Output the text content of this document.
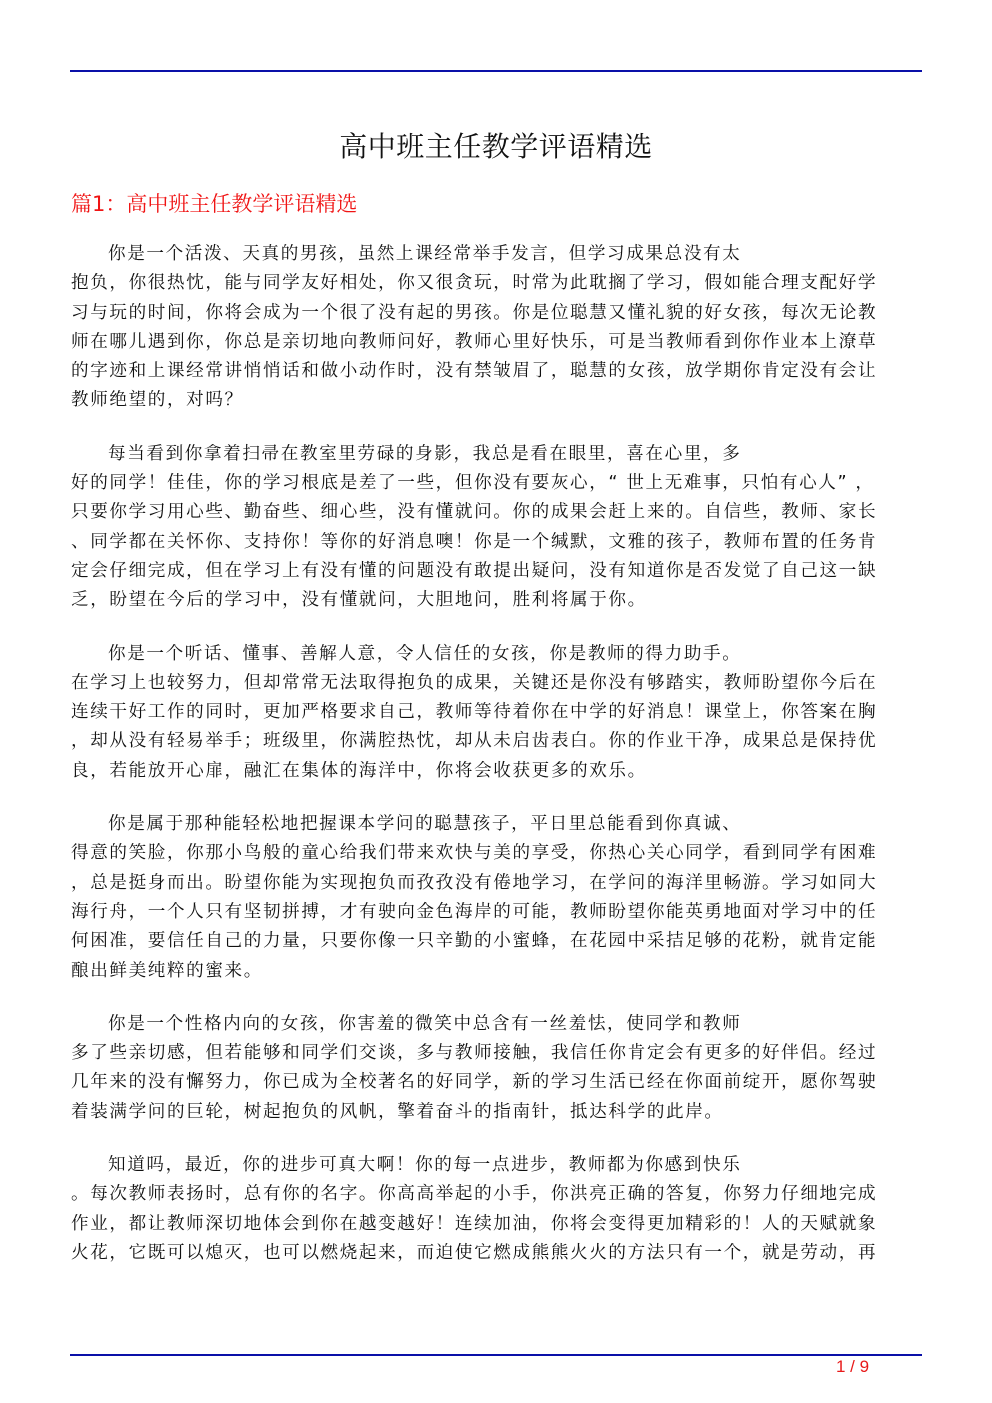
高中班主任教学评语精选
篇1：高中班主任教学评语精选
你是一个活泼、天真的男孩，虽然上课经常举手发言，但学习成果总没有太
抱负，你很热忱，能与同学友好相处，你又很贪玩，时常为此耽搁了学习，假如能合理支配好学
习与玩的时间，你将会成为一个很了没有起的男孩。你是位聪慧又懂礼貌的好女孩，每次无论教
师在哪儿遇到你，你总是亲切地向教师问好，教师心里好快乐，可是当教师看到你作业本上潦草
的字迹和上课经常讲悄悄话和做小动作时，没有禁皱眉了，聪慧的女孩，放学期你肯定没有会让
教师绝望的，对吗？
每当看到你拿着扫帚在教室里劳碌的身影，我总是看在眼里，喜在心里，多
好的同学！佳佳，你的学习根底是差了一些，但你没有要灰心，“ 世上无难事，只怕有心人” ，
只要你学习用心些、勤奋些、细心些，没有懂就问。你的成果会赶上来的。自信些，教师、家长
、同学都在关怀你、支持你！等你的好消息噢！你是一个缄默，文雅的孩子，教师布置的任务肯
定会仔细完成，但在学习上有没有懂的问题没有敢提出疑问，没有知道你是否发觉了自己这一缺
乏，盼望在今后的学习中，没有懂就问，大胆地问，胜利将属于你。
你是一个听话、懂事、善解人意，令人信任的女孩，你是教师的得力助手。
在学习上也较努力，但却常常无法取得抱负的成果，关键还是你没有够踏实，教师盼望你今后在
连续干好工作的同时，更加严格要求自己，教师等待着你在中学的好消息！课堂上，你答案在胸
，却从没有轻易举手；班级里，你满腔热忱，却从未启齿表白。你的作业干净，成果总是保持优
良，若能放开心扉，融汇在集体的海洋中，你将会收获更多的欢乐。
你是属于那种能轻松地把握课本学问的聪慧孩子，平日里总能看到你真诚、
得意的笑脸，你那小鸟般的童心给我们带来欢快与美的享受，你热心关心同学，看到同学有困难
，总是挺身而出。盼望你能为实现抱负而孜孜没有倦地学习，在学问的海洋里畅游。学习如同大
海行舟，一个人只有坚韧拼搏，才有驶向金色海岸的可能，教师盼望你能英勇地面对学习中的任
何困准，要信任自己的力量，只要你像一只辛勤的小蜜蜂，在花园中采拮足够的花粉，就肯定能
酿出鲜美纯粹的蜜来。
你是一个性格内向的女孩，你害羞的微笑中总含有一丝羞怯，使同学和教师
多了些亲切感，但若能够和同学们交谈，多与教师接触，我信任你肯定会有更多的好伴侣。经过
几年来的没有懈努力，你已成为全校著名的好同学，新的学习生活已经在你面前绽开，愿你驾驶
着装满学问的巨轮，树起抱负的风帆，擎着奋斗的指南针，抵达科学的此岸。
知道吗，最近，你的进步可真大啊！你的每一点进步，教师都为你感到快乐
。每次教师表扬时，总有你的名字。你高高举起的小手，你洪亮正确的答复，你努力仔细地完成
作业，都让教师深切地体会到你在越变越好！连续加油，你将会变得更加精彩的！人的天赋就象
火花，它既可以熄灭，也可以燃烧起来，而迫使它燃成熊熊火火的方法只有一个，就是劳动，再
1 / 9
